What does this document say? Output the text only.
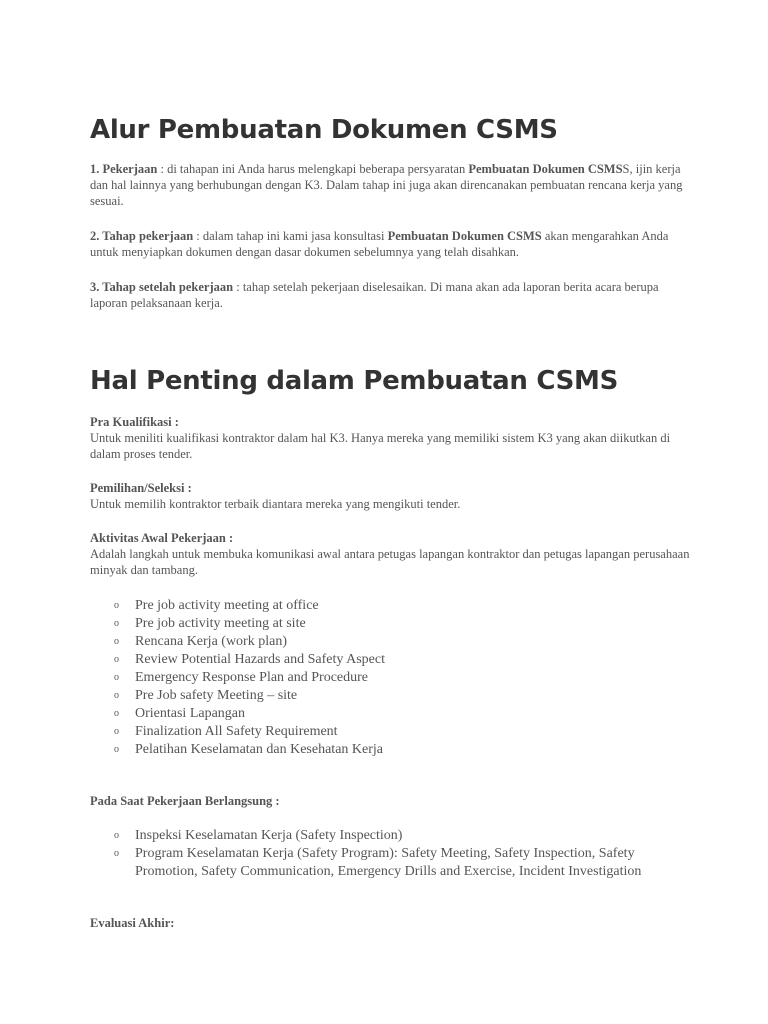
Alur Pembuatan Dokumen CSMS
1. Pekerjaan : di tahapan ini Anda harus melengkapi beberapa persyaratan Pembuatan Dokumen CSMSS, ijin kerja dan hal lainnya yang berhubungan dengan K3. Dalam tahap ini juga akan direncanakan pembuatan rencana kerja yang sesuai.
2. Tahap pekerjaan : dalam tahap ini kami jasa konsultasi Pembuatan Dokumen CSMS akan mengarahkan Anda untuk menyiapkan dokumen dengan dasar dokumen sebelumnya yang telah disahkan.
3. Tahap setelah pekerjaan : tahap setelah pekerjaan diselesaikan. Di mana akan ada laporan berita acara berupa laporan pelaksanaan kerja.
Hal Penting dalam Pembuatan CSMS
Pra Kualifikasi :
Untuk meniliti kualifikasi kontraktor dalam hal K3. Hanya mereka yang memiliki sistem K3 yang akan diikutkan di dalam proses tender.
Pemilihan/Seleksi :
Untuk memilih kontraktor terbaik diantara mereka yang mengikuti tender.
Aktivitas Awal Pekerjaan :
Adalah langkah untuk membuka komunikasi awal antara petugas lapangan kontraktor dan petugas lapangan perusahaan minyak dan tambang.
o Pre job activity meeting at office
o Pre job activity meeting at site
o Rencana Kerja (work plan)
o Review Potential Hazards and Safety Aspect
o Emergency Response Plan and Procedure
o Pre Job safety Meeting – site
o Orientasi Lapangan
o Finalization All Safety Requirement
o Pelatihan Keselamatan dan Kesehatan Kerja
Pada Saat Pekerjaan Berlangsung :
o Inspeksi Keselamatan Kerja (Safety Inspection)
o Program Keselamatan Kerja (Safety Program): Safety Meeting, Safety Inspection, Safety Promotion, Safety Communication, Emergency Drills and Exercise, Incident Investigation
Evaluasi Akhir:
